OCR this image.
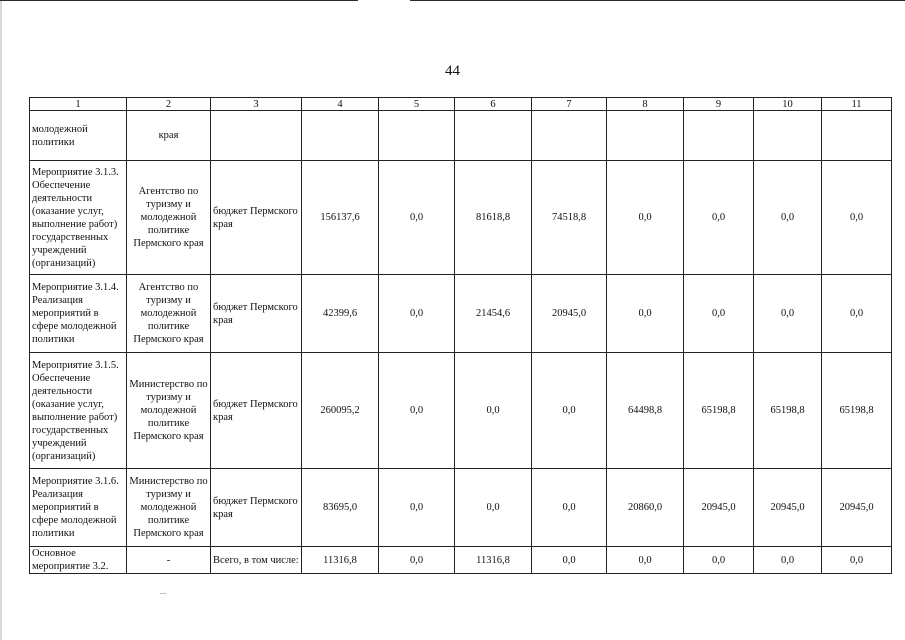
44
1	2	3	4	5	6	7	8	9	10	11
молодежной политики	края									
Мероприятие 3.1.3. Обеспечение деятельности (оказание услуг, выполнение работ) государственных учреждений (организаций)	Агентство по туризму и молодежной политике Пермского края	бюджет Пермского края	156137,6	0,0	81618,8	74518,8	0,0	0,0	0,0	0,0
Мероприятие 3.1.4. Реализация мероприятий в сфере молодежной политики	Агентство по туризму и молодежной политике Пермского края	бюджет Пермского края	42399,6	0,0	21454,6	20945,0	0,0	0,0	0,0	0,0
Мероприятие 3.1.5. Обеспечение деятельности (оказание услуг, выполнение работ) государственных учреждений (организаций)	Министерство по туризму и молодежной политике Пермского края	бюджет Пермского края	260095,2	0,0	0,0	0,0	64498,8	65198,8	65198,8	65198,8
Мероприятие 3.1.6. Реализация мероприятий в сфере молодежной политики	Министерство по туризму и молодежной политике Пермского края	бюджет Пермского края	83695,0	0,0	0,0	0,0	20860,0	20945,0	20945,0	20945,0
Основное мероприятие 3.2.	-	Всего, в том числе:	11316,8	0,0	11316,8	0,0	0,0	0,0	0,0	0,0
